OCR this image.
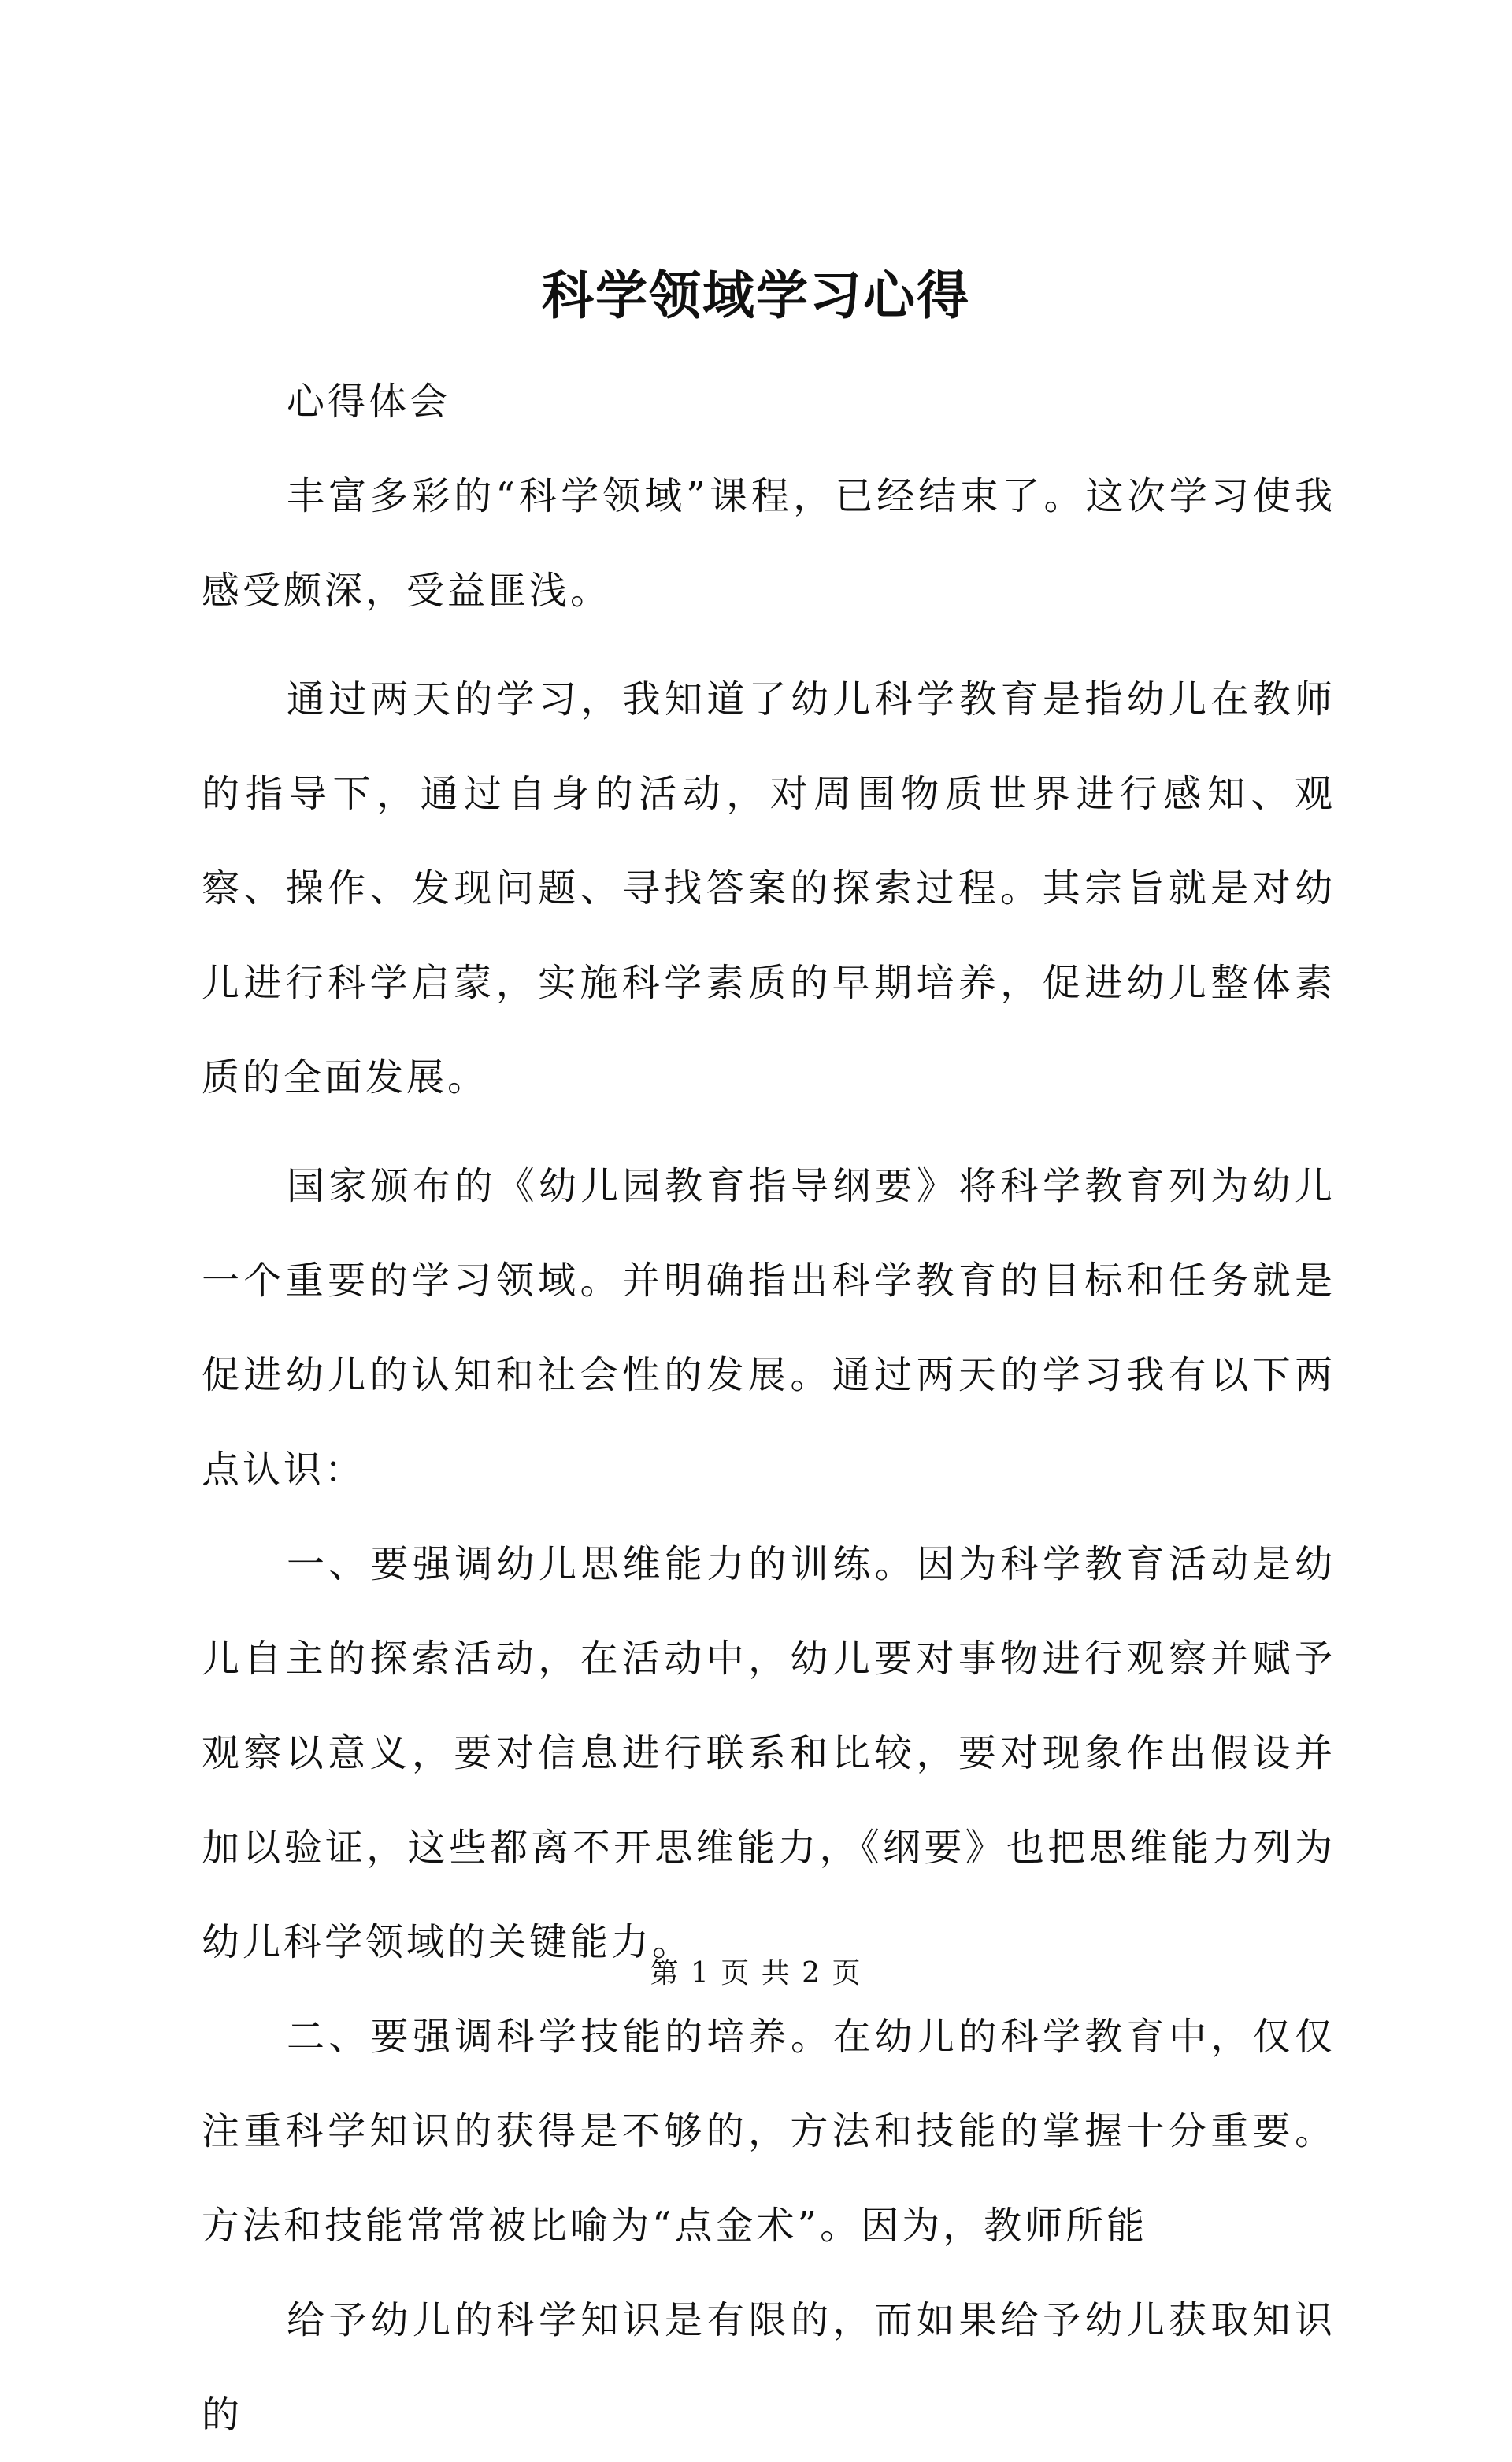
科学领域学习心得

心得体会

丰富多彩的“科学领域”课程，已经结束了。这次学习使我感受颇深，受益匪浅。

通过两天的学习，我知道了幼儿科学教育是指幼儿在教师的指导下，通过自身的活动，对周围物质世界进行感知、观察、操作、发现问题、寻找答案的探索过程。其宗旨就是对幼儿进行科学启蒙，实施科学素质的早期培养，促进幼儿整体素质的全面发展。

国家颁布的《幼儿园教育指导纲要》将科学教育列为幼儿一个重要的学习领域。并明确指出科学教育的目标和任务就是促进幼儿的认知和社会性的发展。通过两天的学习我有以下两点认识：

一、要强调幼儿思维能力的训练。因为科学教育活动是幼儿自主的探索活动，在活动中，幼儿要对事物进行观察并赋予观察以意义，要对信息进行联系和比较，要对现象作出假设并加以验证，这些都离不开思维能力，《纲要》也把思维能力列为幼儿科学领域的关键能力。

二、要强调科学技能的培养。在幼儿的科学教育中，仅仅注重科学知识的获得是不够的，方法和技能的掌握十分重要。方法和技能常常被比喻为“点金术”。因为，教师所能

给予幼儿的科学知识是有限的，而如果给予幼儿获取知识的

第 1 页 共 2 页
